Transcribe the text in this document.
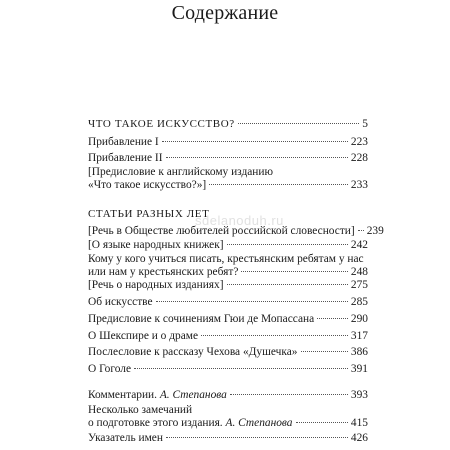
Содержание
ЧТО ТАКОЕ ИСКУССТВО?	5
Прибавление I	223
Прибавление II	228
[Предисловие к английскому изданию
«Что такое искусство?»]	233
СТАТЬИ РАЗНЫХ ЛЕТ
[Речь в Обществе любителей российской словесности] 239
[О языке народных книжек]	242
Кому у кого учиться писать, крестьянским ребятам у нас
или нам у крестьянских ребят?	248
[Речь о народных изданиях]	275
Об искусстве	285
Предисловие к сочинениям Гюи де Мопассана	290
О Шекспире и о драме	317
Послесловие к рассказу Чехова «Душечка»	386
О Гоголе	391
Комментарии. А. Степанова	393
Несколько замечаний
о подготовке этого издания. А. Степанова	415
Указатель имен	426
sdelanoduh.ru
